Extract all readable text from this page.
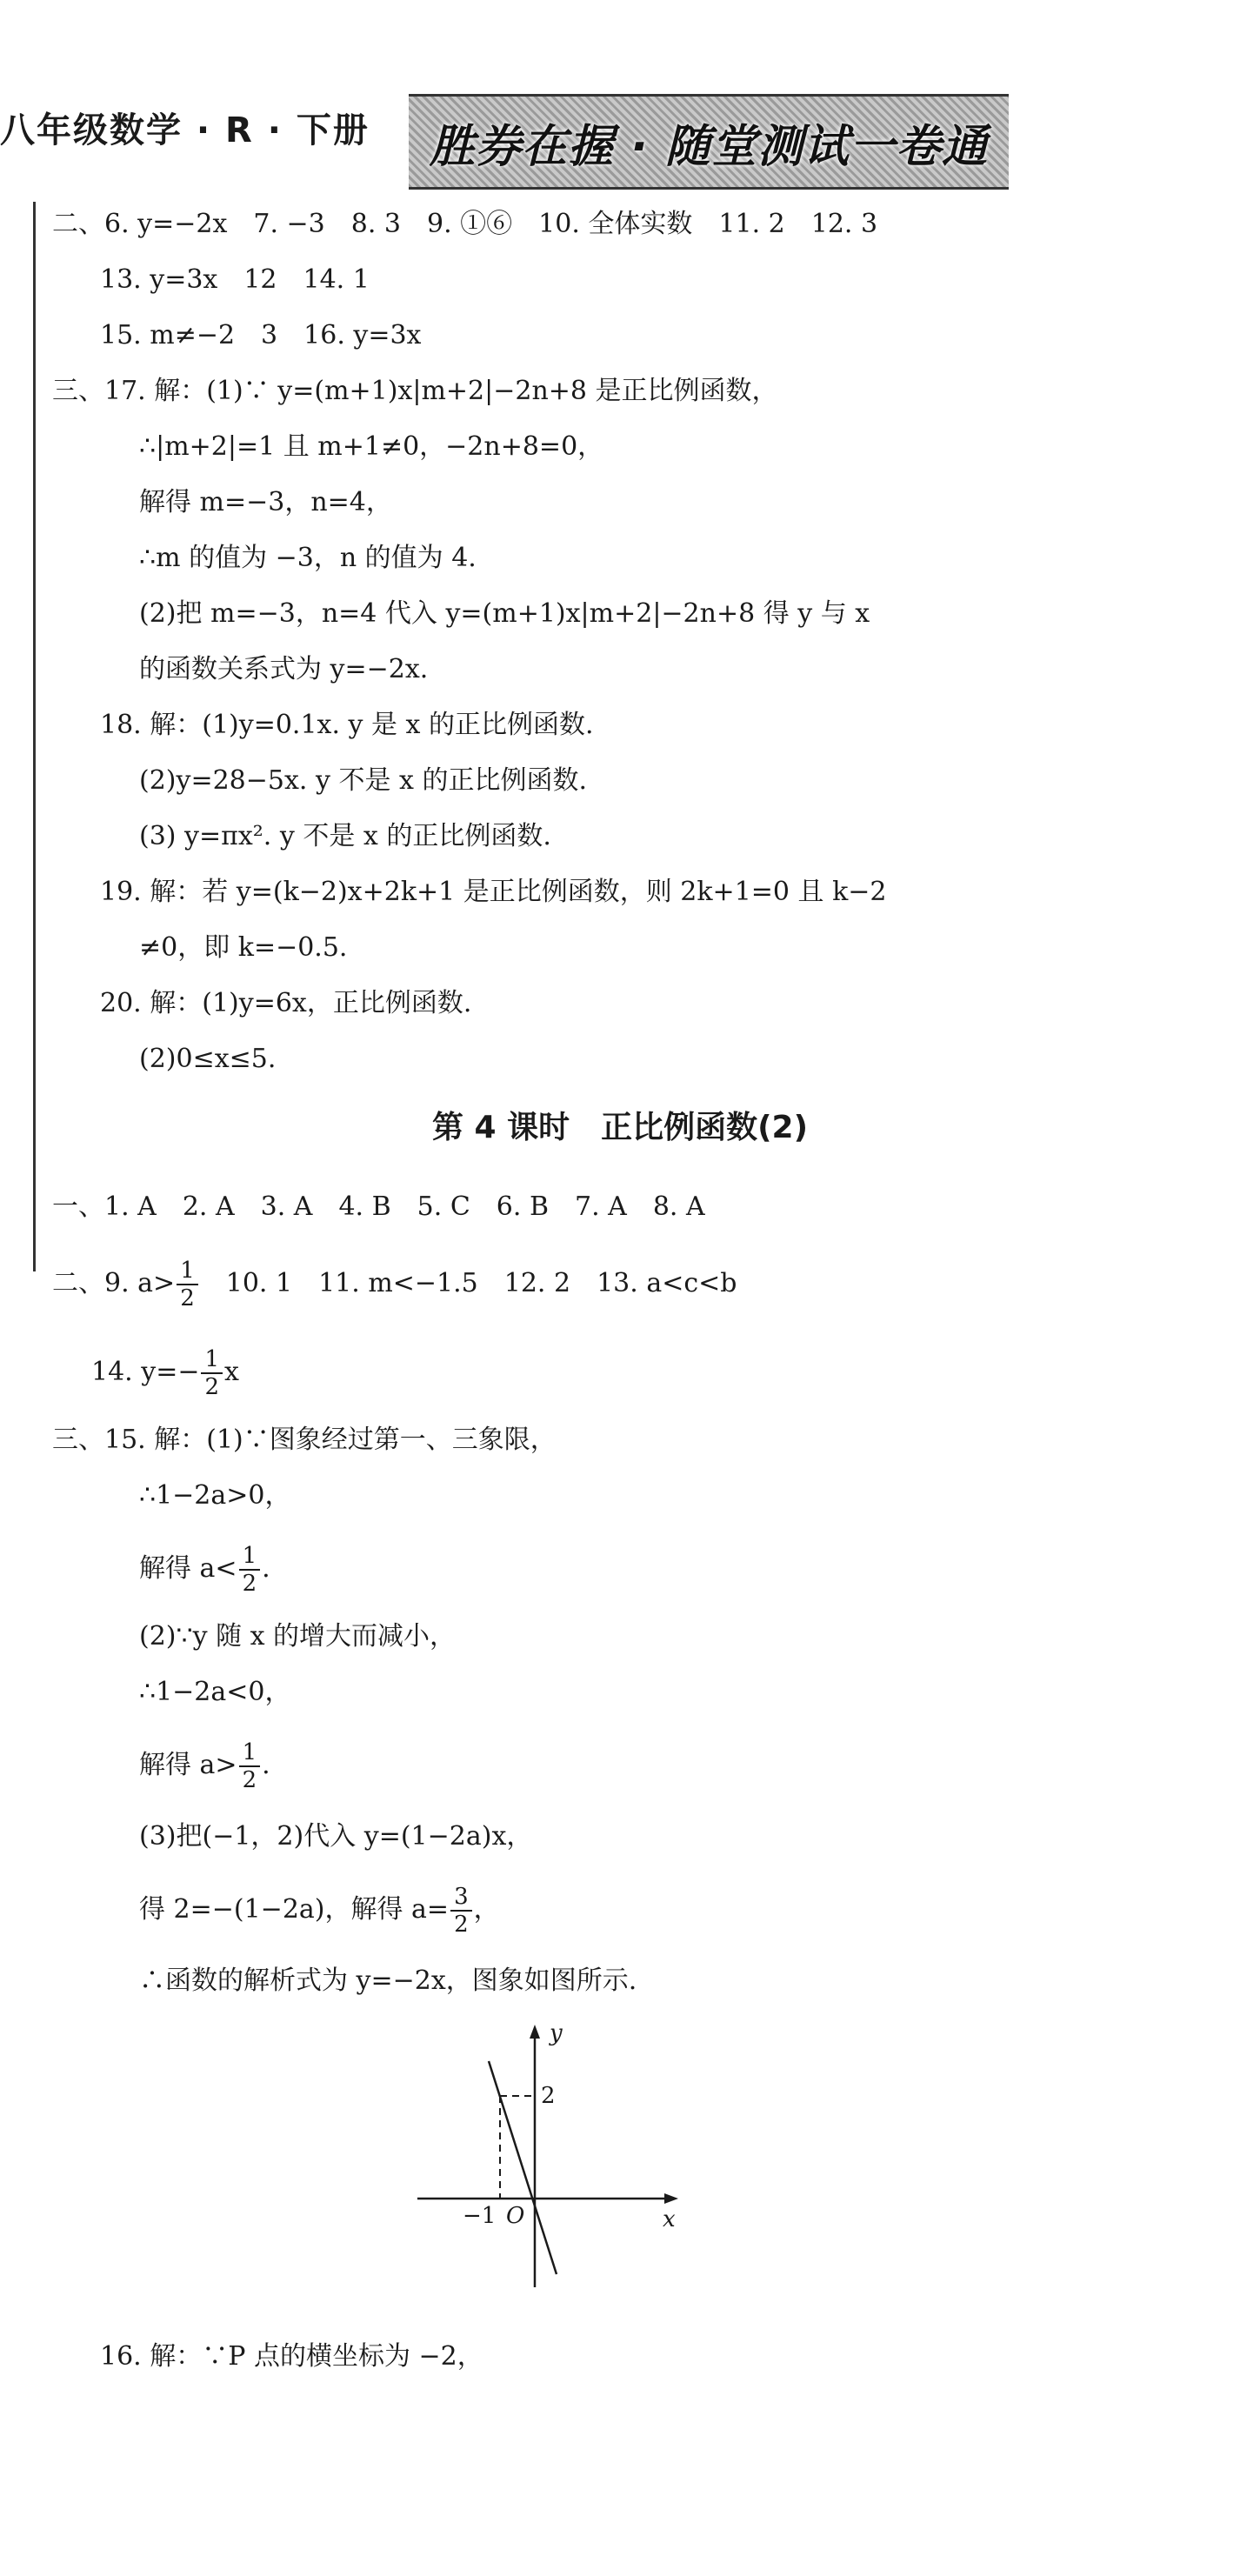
八年级数学 · R · 下册 胜券在握 · 随堂测试一卷通
二、6. y=−2x　7. −3　8. 3　9. ①⑥　10. 全体实数　11. 2　12. 3
13. y=3x　12　14. 1
15. m≠−2　3　16. y=3x
三、17. 解：(1)∵ y=(m+1)x|m+2|−2n+8 是正比例函数，
∴|m+2|=1 且 m+1≠0，−2n+8=0，
解得 m=−3，n=4，
∴m 的值为 −3，n 的值为 4.
(2)把 m=−3，n=4 代入 y=(m+1)x|m+2|−2n+8 得 y 与 x
的函数关系式为 y=−2x.
18. 解：(1)y=0.1x. y 是 x 的正比例函数.
(2)y=28−5x. y 不是 x 的正比例函数.
(3) y=πx². y 不是 x 的正比例函数.
19. 解：若 y=(k−2)x+2k+1 是正比例函数，则 2k+1=0 且 k−2
≠0，即 k=−0.5.
20. 解：(1)y=6x，正比例函数.
(2)0≤x≤5.
第 4 课时　正比例函数(2)
一、1. A　2. A　3. A　4. B　5. C　6. B　7. A　8. A
二、9. $a> \frac{1}{2}$
　 10. 1　11. m<−1.5　12. 2　13. a<c<b
14. $y=- \frac{1}{2}$ x
三、15. 解：(1)∵图象经过第一、三象限，
∴1−2a>0，
解得 $a< \frac{1}{2}$ .
(2)∵y 随 x 的增大而减小，
∴1−2a<0，
解得 $a> \frac{1}{2}$ .
(3)把(−1，2)代入 y=(1−2a)x，
得 2=−(1−2a)，解得 $a= \frac{3}{2}$ ，
∴函数的解析式为 y=−2x，图象如图所示.
y
2
x
O
−1
16. 解：∵P 点的横坐标为 −2，
